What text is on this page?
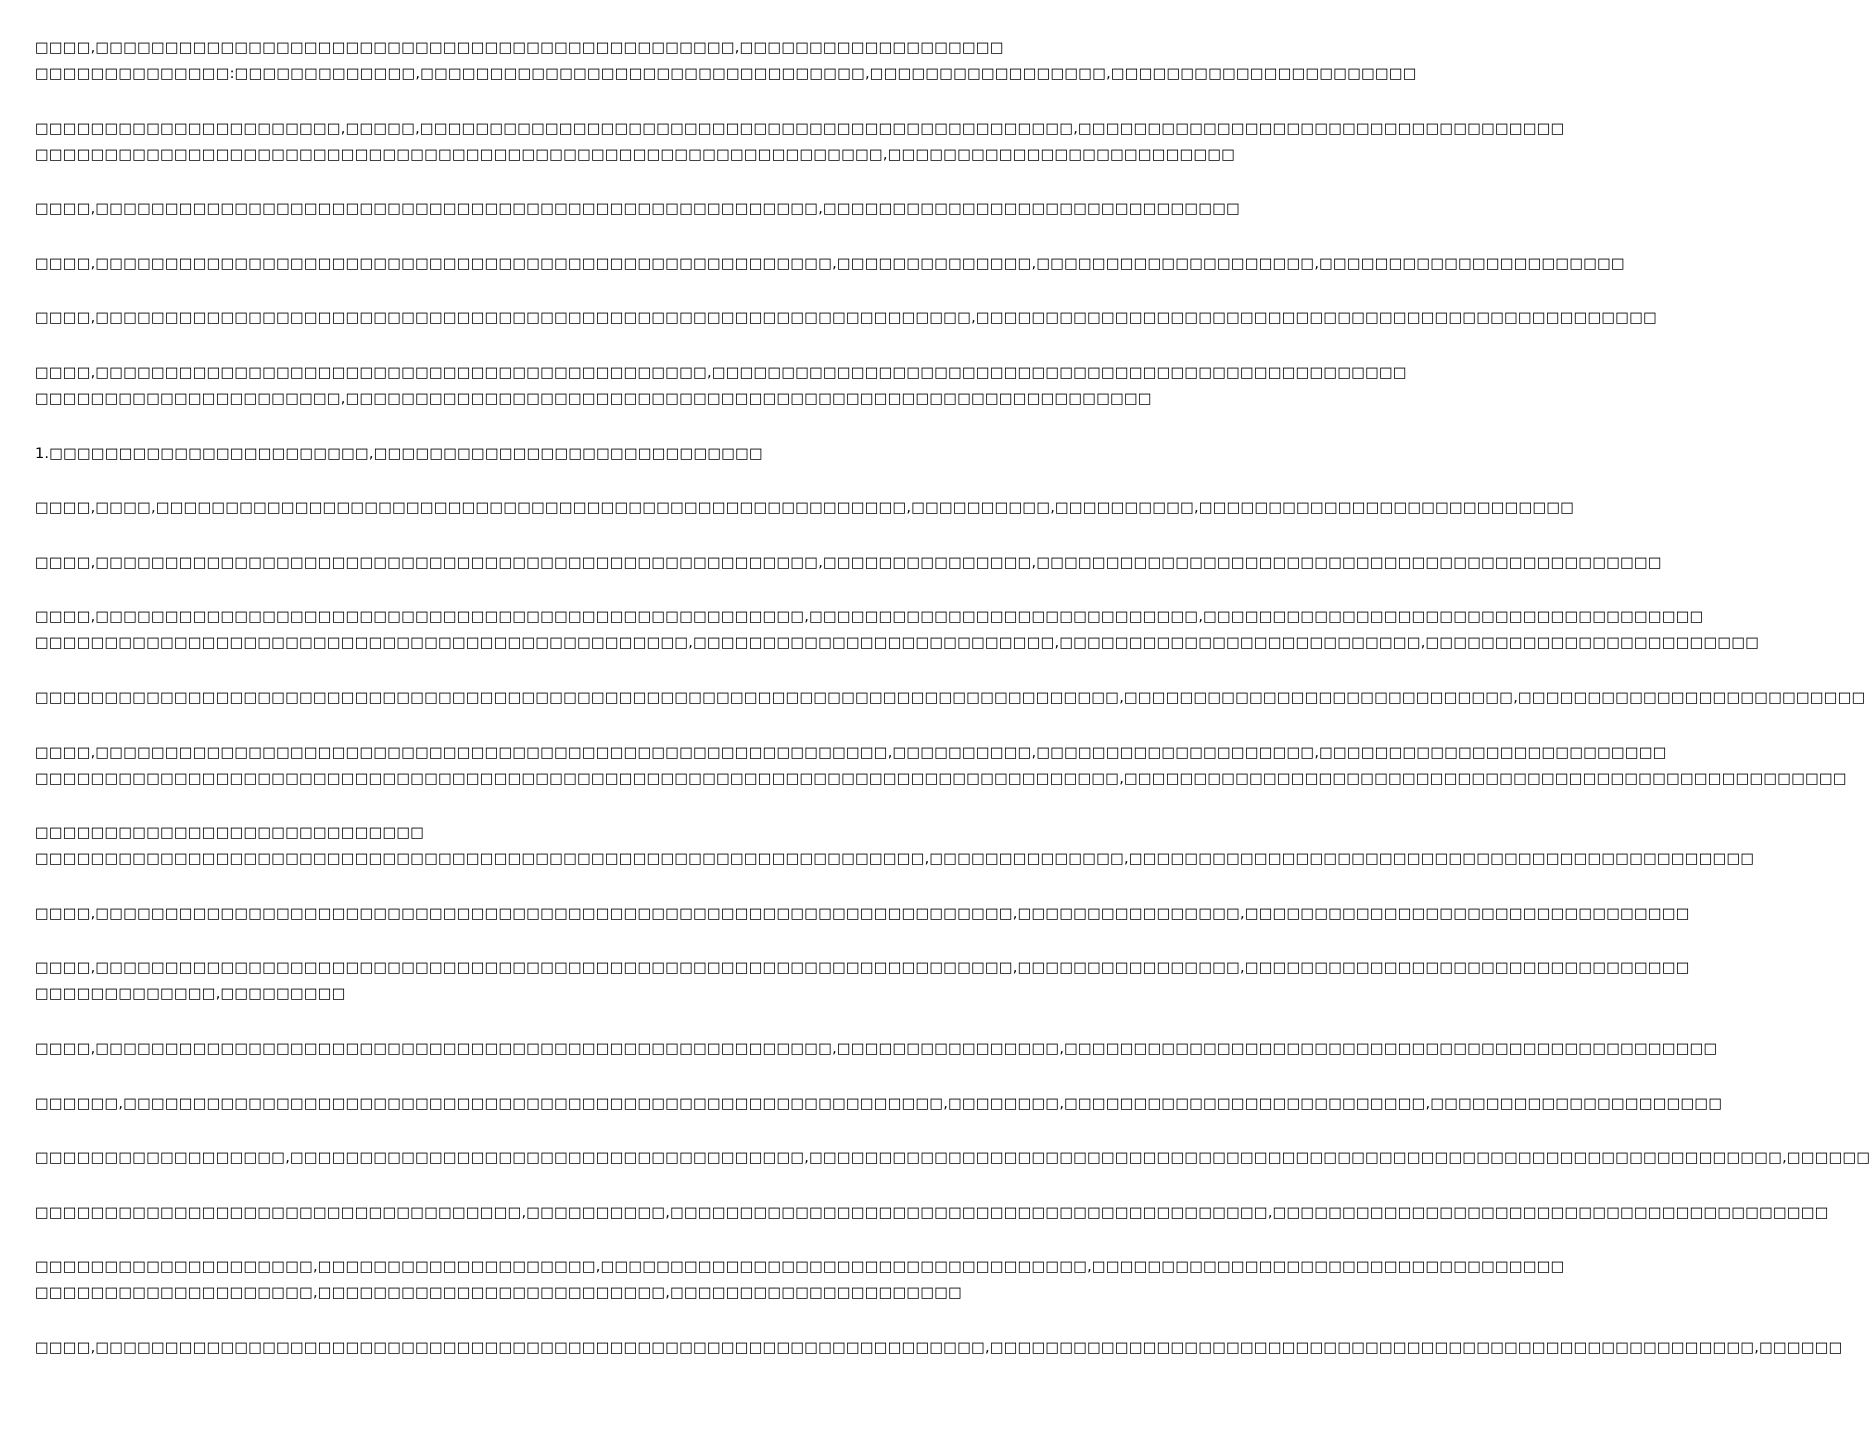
□□□□,□□□□□□□□□□□□□□□□□□□□□□□□□□□□□□□□□□□□□□□□□□□□□□,□□□□□□□□□□□□□□□□□□□
□□□□□□□□□□□□□□:□□□□□□□□□□□□□,□□□□□□□□□□□□□□□□□□□□□□□□□□□□□□□□,□□□□□□□□□□□□□□□□□,□□□□□□□□□□□□□□□□□□□□□□
□□□□□□□□□□□□□□□□□□□□□□,□□□□□,□□□□□□□□□□□□□□□□□□□□□□□□□□□□□□□□□□□□□□□□□□□□□□□,□□□□□□□□□□□□□□□□□□□□□□□□□□□□□□□□□□□
□□□□□□□□□□□□□□□□□□□□□□□□□□□□□□□□□□□□□□□□□□□□□□□□□□□□□□□□□□□□□,□□□□□□□□□□□□□□□□□□□□□□□□□
□□□□,□□□□□□□□□□□□□□□□□□□□□□□□□□□□□□□□□□□□□□□□□□□□□□□□□□□□,□□□□□□□□□□□□□□□□□□□□□□□□□□□□□□
□□□□,□□□□□□□□□□□□□□□□□□□□□□□□□□□□□□□□□□□□□□□□□□□□□□□□□□□□□,□□□□□□□□□□□□□□,□□□□□□□□□□□□□□□□□□□□,□□□□□□□□□□□□□□□□□□□□□□
□□□□,□□□□□□□□□□□□□□□□□□□□□□□□□□□□□□□□□□□□□□□□□□□□□□□□□□□□□□□□□□□□□□□,□□□□□□□□□□□□□□□□□□□□□□□□□□□□□□□□□□□□□□□□□□□□□□□□□
□□□□,□□□□□□□□□□□□□□□□□□□□□□□□□□□□□□□□□□□□□□□□□□□□,□□□□□□□□□□□□□□□□□□□□□□□□□□□□□□□□□□□□□□□□□□□□□□□□□□
□□□□□□□□□□□□□□□□□□□□□□,□□□□□□□□□□□□□□□□□□□□□□□□□□□□□□□□□□□□□□□□□□□□□□□□□□□□□□□□□□
1.□□□□□□□□□□□□□□□□□□□□□□□,□□□□□□□□□□□□□□□□□□□□□□□□□□□□
□□□□,□□□□,□□□□□□□□□□□□□□□□□□□□□□□□□□□□□□□□□□□□□□□□□□□□□□□□□□□□□□,□□□□□□□□□□,□□□□□□□□□□,□□□□□□□□□□□□□□□□□□□□□□□□□□□
□□□□,□□□□□□□□□□□□□□□□□□□□□□□□□□□□□□□□□□□□□□□□□□□□□□□□□□□□,□□□□□□□□□□□□□□□,□□□□□□□□□□□□□□□□□□□□□□□□□□□□□□□□□□□□□□□□□□□□□
□□□□,□□□□□□□□□□□□□□□□□□□□□□□□□□□□□□□□□□□□□□□□□□□□□□□□□□□,□□□□□□□□□□□□□□□□□□□□□□□□□□□□,□□□□□□□□□□□□□□□□□□□□□□□□□□□□□□□□□□□□
□□□□□□□□□□□□□□□□□□□□□□□□□□□□□□□□□□□□□□□□□□□□□□□,□□□□□□□□□□□□□□□□□□□□□□□□□□,□□□□□□□□□□□□□□□□□□□□□□□□□□,□□□□□□□□□□□□□□□□□□□□□□□□
□□□□□□□□□□□□□□□□□□□□□□□□□□□□□□□□□□□□□□□□□□□□□□□□□□□□□□□□□□□□□□□□□□□□□□□□□□□□□□,□□□□□□□□□□□□□□□□□□□□□□□□□□□□,□□□□□□□□□□□□□□□□□□□□□□□□□
□□□□,□□□□□□□□□□□□□□□□□□□□□□□□□□□□□□□□□□□□□□□□□□□□□□□□□□□□□□□□□,□□□□□□□□□□,□□□□□□□□□□□□□□□□□□□□,□□□□□□□□□□□□□□□□□□□□□□□□□
□□□□□□□□□□□□□□□□□□□□□□□□□□□□□□□□□□□□□□□□□□□□□□□□□□□□□□□□□□□□□□□□□□□□□□□□□□□□□□,□□□□□□□□□□□□□□□□□□□□□□□□□□□□□□□□□□□□□□□□□□□□□□□□□□□□
□□□□□□□□□□□□□□□□□□□□□□□□□□□□
□□□□□□□□□□□□□□□□□□□□□□□□□□□□□□□□□□□□□□□□□□□□□□□□□□□□□□□□□□□□□□□□,□□□□□□□□□□□□□□,□□□□□□□□□□□□□□□□□□□□□□□□□□□□□□□□□□□□□□□□□□□□□
□□□□,□□□□□□□□□□□□□□□□□□□□□□□□□□□□□□□□□□□□□□□□□□□□□□□□□□□□□□□□□□□□□□□□□□,□□□□□□□□□□□□□□□□,□□□□□□□□□□□□□□□□□□□□□□□□□□□□□□□□
□□□□,□□□□□□□□□□□□□□□□□□□□□□□□□□□□□□□□□□□□□□□□□□□□□□□□□□□□□□□□□□□□□□□□□□,□□□□□□□□□□□□□□□□,□□□□□□□□□□□□□□□□□□□□□□□□□□□□□□□□
□□□□□□□□□□□□□,□□□□□□□□□
□□□□,□□□□□□□□□□□□□□□□□□□□□□□□□□□□□□□□□□□□□□□□□□□□□□□□□□□□□,□□□□□□□□□□□□□□□□,□□□□□□□□□□□□□□□□□□□□□□□□□□□□□□□□□□□□□□□□□□□□□□□
□□□□□□,□□□□□□□□□□□□□□□□□□□□□□□□□□□□□□□□□□□□□□□□□□□□□□□□□□□□□□□□□□□,□□□□□□□□,□□□□□□□□□□□□□□□□□□□□□□□□□□,□□□□□□□□□□□□□□□□□□□□□
□□□□□□□□□□□□□□□□□□,□□□□□□□□□□□□□□□□□□□□□□□□□□□□□□□□□□□□□,□□□□□□□□□□□□□□□□□□□□□□□□□□□□□□□□□□□□□□□□□□□□□□□□□□□□□□□□□□□□□□□□□□□□□□,□□□□□□
□□□□□□□□□□□□□□□□□□□□□□□□□□□□□□□□□□□,□□□□□□□□□□,□□□□□□□□□□□□□□□□□□□□□□□□□□□□□□□□□□□□□□□□□□□,□□□□□□□□□□□□□□□□□□□□□□□□□□□□□□□□□□□□□□□□
□□□□□□□□□□□□□□□□□□□□,□□□□□□□□□□□□□□□□□□□□,□□□□□□□□□□□□□□□□□□□□□□□□□□□□□□□□□□□,□□□□□□□□□□□□□□□□□□□□□□□□□□□□□□□□□□
□□□□□□□□□□□□□□□□□□□□,□□□□□□□□□□□□□□□□□□□□□□□□□,□□□□□□□□□□□□□□□□□□□□□
□□□□,□□□□□□□□□□□□□□□□□□□□□□□□□□□□□□□□□□□□□□□□□□□□□□□□□□□□□□□□□□□□□□□□,□□□□□□□□□□□□□□□□□□□□□□□□□□□□□□□□□□□□□□□□□□□□□□□□□□□□□□□,□□□□□□
